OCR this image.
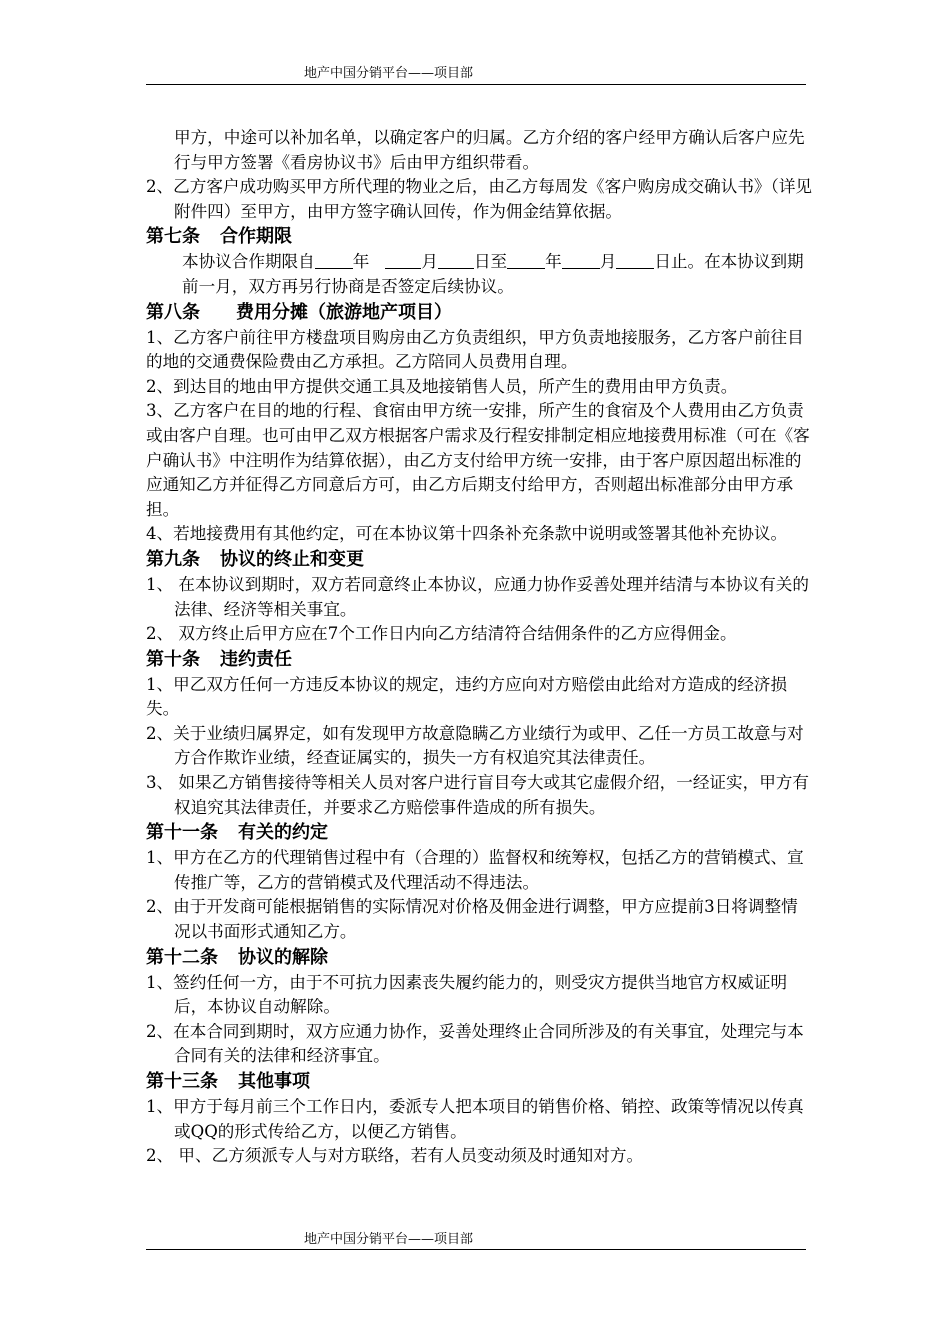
地产中国分销平台——项目部

甲方，中途可以补加名单，以确定客户的归属。乙方介绍的客户经甲方确认后客户应先行与甲方签署《看房协议书》后由甲方组织带看。

2、乙方客户成功购买甲方所代理的物业之后，由乙方每周发《客户购房成交确认书》（详见附件四）至甲方，由甲方签字确认回传，作为佣金结算依据。

第七条 合作期限

本协议合作期限自 年	月 日至 年 月 日止。在本协议到期前一月，双方再另行协商是否签定后续协议。

第八条 费用分摊（旅游地产项目）

1、乙方客户前往甲方楼盘项目购房由乙方负责组织，甲方负责地接服务，乙方客户前往目的地的交通费保险费由乙方承担。乙方陪同人员费用自理。

2、到达目的地由甲方提供交通工具及地接销售人员，所产生的费用由甲方负责。

3、乙方客户在目的地的行程、食宿由甲方统一安排，所产生的食宿及个人费用由乙方负责或由客户自理。也可由甲乙双方根据客户需求及行程安排制定相应地接费用标准（可在《客户确认书》中注明作为结算依据），由乙方支付给甲方统一安排，由于客户原因超出标准的应通知乙方并征得乙方同意后方可，由乙方后期支付给甲方，否则超出标准部分由甲方承担。

4、若地接费用有其他约定，可在本协议第十四条补充条款中说明或签署其他补充协议。

第九条 协议的终止和变更

1、 在本协议到期时，双方若同意终止本协议，应通力协作妥善处理并结清与本协议有关的法律、经济等相关事宜。

2、 双方终止后甲方应在7个工作日内向乙方结清符合结佣条件的乙方应得佣金。

第十条 违约责任

1、甲乙双方任何一方违反本协议的规定，违约方应向对方赔偿由此给对方造成的经济损失。

2、关于业绩归属界定，如有发现甲方故意隐瞒乙方业绩行为或甲、乙任一方员工故意与对方合作欺诈业绩，经查证属实的，损失一方有权追究其法律责任。

3、 如果乙方销售接待等相关人员对客户进行盲目夸大或其它虚假介绍，一经证实，甲方有权追究其法律责任，并要求乙方赔偿事件造成的所有损失。

第十一条 有关的约定

1、甲方在乙方的代理销售过程中有（合理的）监督权和统筹权，包括乙方的营销模式、宣传推广等，乙方的营销模式及代理活动不得违法。

2、由于开发商可能根据销售的实际情况对价格及佣金进行调整，甲方应提前3日将调整情况以书面形式通知乙方。

第十二条 协议的解除

1、签约任何一方，由于不可抗力因素丧失履约能力的，则受灾方提供当地官方权威证明后，本协议自动解除。

2、在本合同到期时，双方应通力协作，妥善处理终止合同所涉及的有关事宜，处理完与本合同有关的法律和经济事宜。

第十三条 其他事项

1、甲方于每月前三个工作日内，委派专人把本项目的销售价格、销控、政策等情况以传真或QQ的形式传给乙方，以便乙方销售。

2、 甲、乙方须派专人与对方联络，若有人员变动须及时通知对方。

地产中国分销平台——项目部
